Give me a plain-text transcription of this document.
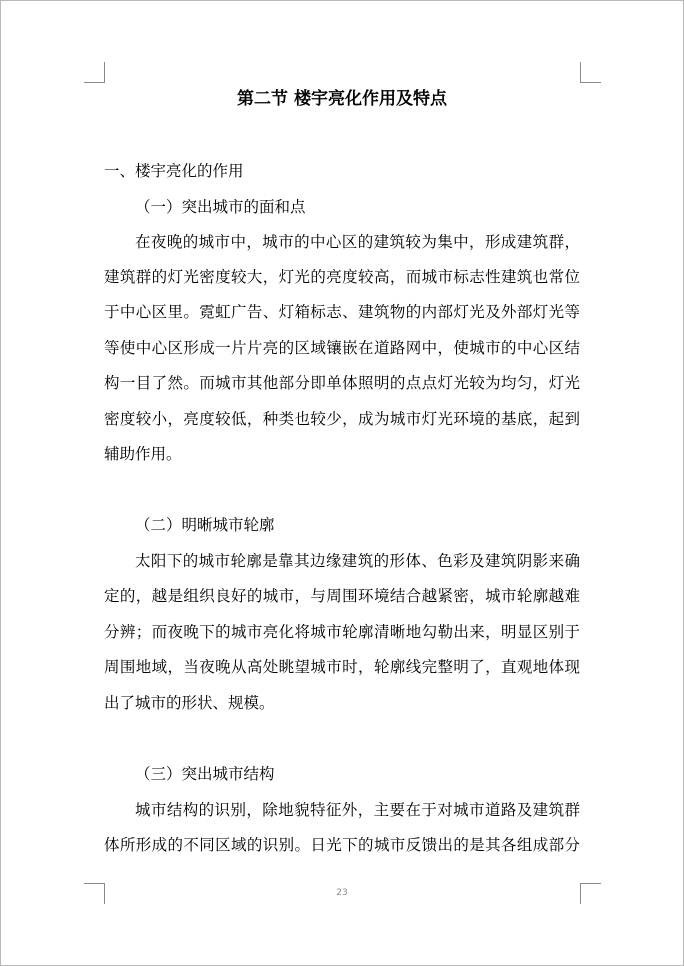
第二节 楼宇亮化作用及特点
一、楼宇亮化的作用
（一）突出城市的面和点
在夜晚的城市中，城市的中心区的建筑较为集中，形成建筑群，
建筑群的灯光密度较大，灯光的亮度较高，而城市标志性建筑也常位
于中心区里。霓虹广告、灯箱标志、建筑物的内部灯光及外部灯光等
等使中心区形成一片片亮的区域镶嵌在道路网中，使城市的中心区结
构一目了然。而城市其他部分即单体照明的点点灯光较为均匀，灯光
密度较小，亮度较低，种类也较少，成为城市灯光环境的基底，起到
辅助作用。
（二）明晰城市轮廓
太阳下的城市轮廓是靠其边缘建筑的形体、色彩及建筑阴影来确
定的，越是组织良好的城市，与周围环境结合越紧密，城市轮廓越难
分辨；而夜晚下的城市亮化将城市轮廓清晰地勾勒出来，明显区别于
周围地域，当夜晚从高处眺望城市时，轮廓线完整明了，直观地体现
出了城市的形状、规模。
（三）突出城市结构
城市结构的识别，除地貌特征外，主要在于对城市道路及建筑群
体所形成的不同区域的识别。日光下的城市反馈出的是其各组成部分
23
